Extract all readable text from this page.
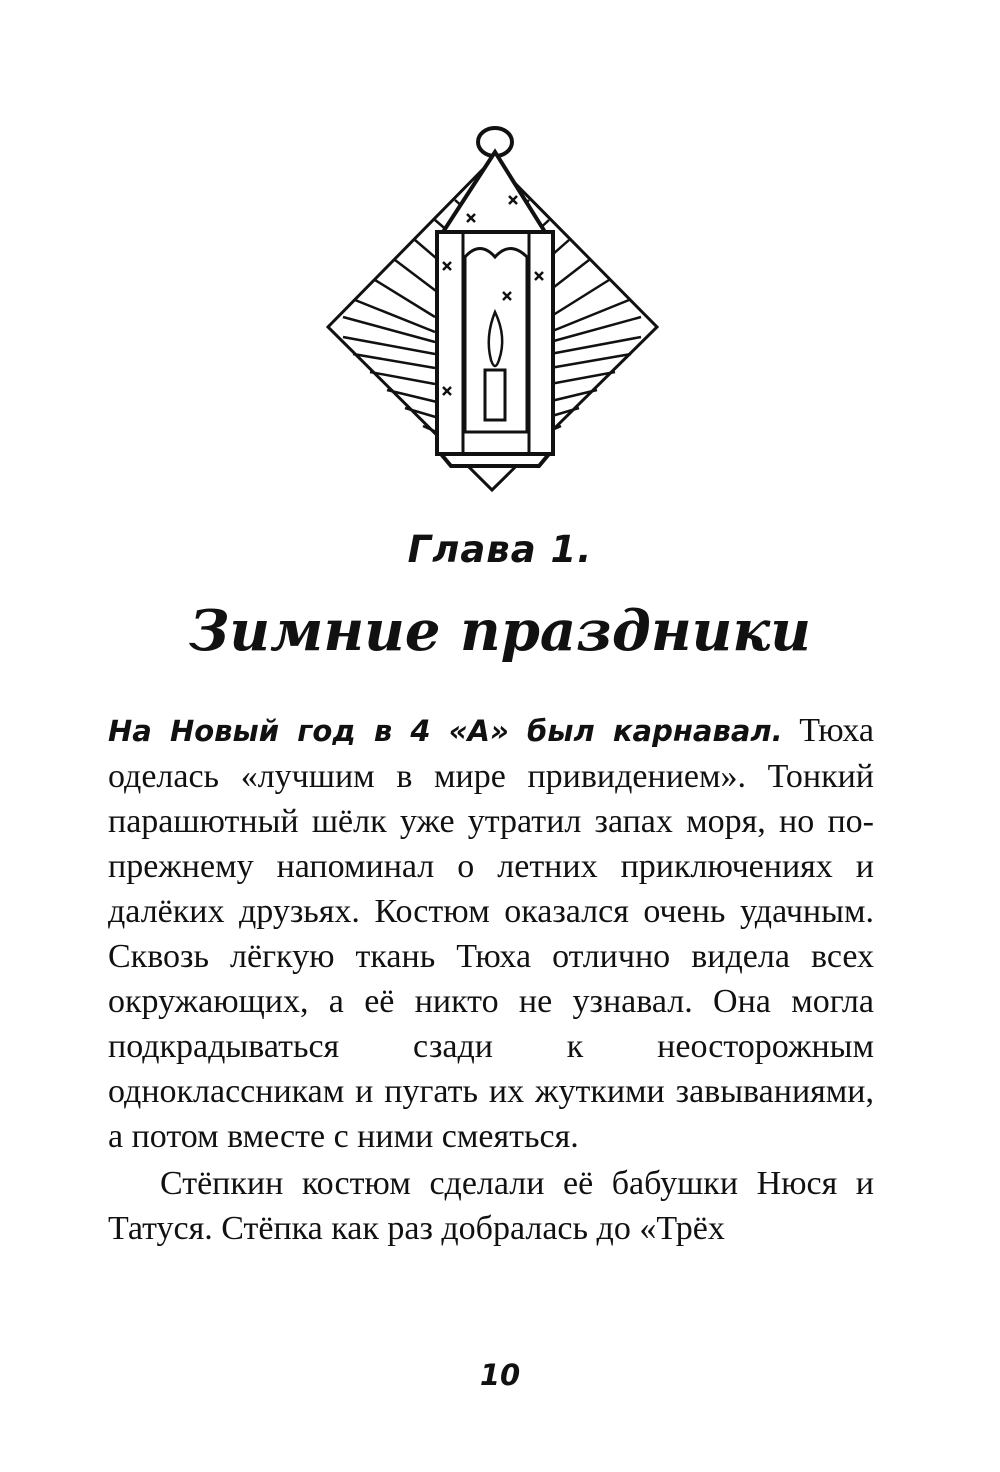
Глава 1.
Зимние праздники

На Новый год в 4 «А» был карнавал. Тюха оделась «лучшим в мире привидением». Тонкий парашютный шёлк уже утратил запах моря, но по-прежнему напоминал о летних приключениях и далёких друзьях. Костюм оказался очень удачным. Сквозь лёгкую ткань Тюха отлично видела всех окружающих, а её никто не узнавал. Она могла подкрадываться сзади к неосторожным одноклассникам и пугать их жуткими завываниями, а потом вместе с ними смеяться.

Стёпкин костюм сделали её бабушки Нюся и Татуся. Стёпка как раз добралась до «Трёх

10
